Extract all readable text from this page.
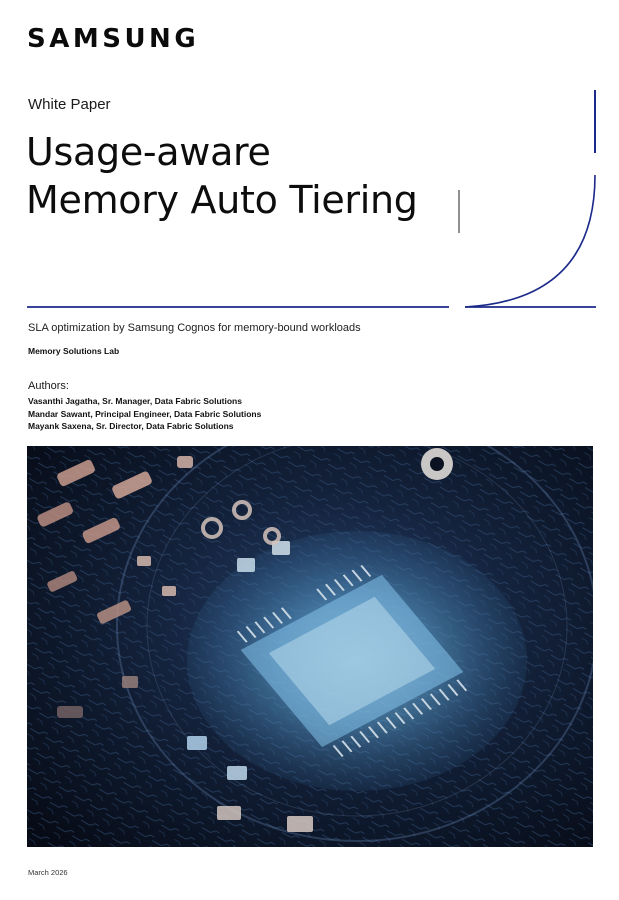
SAMSUNG
White Paper
Usage-aware
Memory Auto Tiering
SLA optimization by Samsung Cognos for memory-bound workloads
Memory Solutions Lab
Authors:
Vasanthi Jagatha, Sr. Manager, Data Fabric Solutions
Mandar Sawant, Principal Engineer, Data Fabric Solutions
Mayank Saxena, Sr. Director, Data Fabric Solutions
March 2026
